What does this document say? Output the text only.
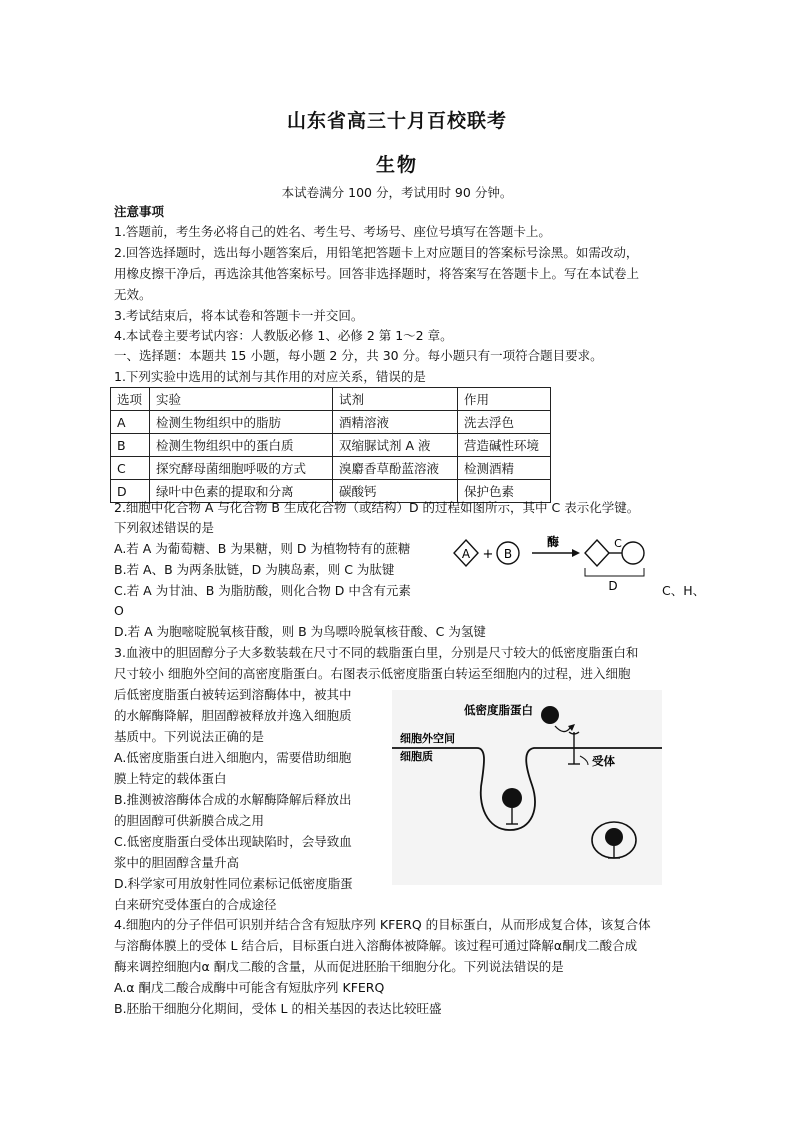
山东省高三十月百校联考
生物
本试卷满分 100 分，考试用时 90 分钟。
注意事项
1.答题前，考生务必将自己的姓名、考生号、考场号、座位号填写在答题卡上。
2.回答选择题时，选出每小题答案后，用铅笔把答题卡上对应题目的答案标号涂黑。如需改动，
用橡皮擦干净后，再选涂其他答案标号。回答非选择题时，将答案写在答题卡上。写在本试卷上
无效。
3.考试结束后，将本试卷和答题卡一并交回。
4.本试卷主要考试内容：人教版必修 1、必修 2 第 1～2 章。
一、选择题：本题共 15 小题，每小题 2 分，共 30 分。每小题只有一项符合题目要求。
1.下列实验中选用的试剂与其作用的对应关系，错误的是
选项	实验	试剂	作用
A	检测生物组织中的脂肪	酒精溶液	洗去浮色
B	检测生物组织中的蛋白质	双缩脲试剂 A 液	营造碱性环境
C	探究酵母菌细胞呼吸的方式	溴麝香草酚蓝溶液	检测酒精
D	绿叶中色素的提取和分离	碳酸钙	保护色素
2.细胞中化合物 A 与化合物 B 生成化合物（或结构）D 的过程如图所示，其中 C 表示化学键。
下列叙述错误的是
A.若 A 为葡萄糖、B 为果糖，则 D 为植物特有的蔗糖
B.若 A、B 为两条肽链，D 为胰岛素，则 C 为肽键
C.若 A 为甘油、B 为脂肪酸，则化合物 D 中含有元素	C、H、
O
D.若 A 为胞嘧啶脱氧核苷酸，则 B 为鸟嘌呤脱氧核苷酸、C 为氢键
A + B
酶	C
D
3.血液中的胆固醇分子大多数装载在尺寸不同的载脂蛋白里，分别是尺寸较大的低密度脂蛋白和
尺寸较小 细胞外空间的高密度脂蛋白。右图表示低密度脂蛋白转运至细胞内的过程，进入细胞
后低密度脂蛋白被转运到溶酶体中，被其中
的水解酶降解，胆固醇被释放并逸入细胞质
基质中。下列说法正确的是
A.低密度脂蛋白进入细胞内，需要借助细胞
膜上特定的载体蛋白
B.推测被溶酶体合成的水解酶降解后释放出
的胆固醇可供新膜合成之用
C.低密度脂蛋白受体出现缺陷时，会导致血
浆中的胆固醇含量升高
D.科学家可用放射性同位素标记低密度脂蛋
白来研究受体蛋白的合成途径
低密度脂蛋白
细胞外空间
细胞质	受体
4.细胞内的分子伴侣可识别并结合含有短肽序列 KFERQ 的目标蛋白，从而形成复合体，该复合体
与溶酶体膜上的受体 L 结合后，目标蛋白进入溶酶体被降解。该过程可通过降解α酮戊二酸合成
酶来调控细胞内α 酮戊二酸的含量，从而促进胚胎干细胞分化。下列说法错误的是
A.α 酮戊二酸合成酶中可能含有短肽序列 KFERQ
B.胚胎干细胞分化期间，受体 L 的相关基因的表达比较旺盛
